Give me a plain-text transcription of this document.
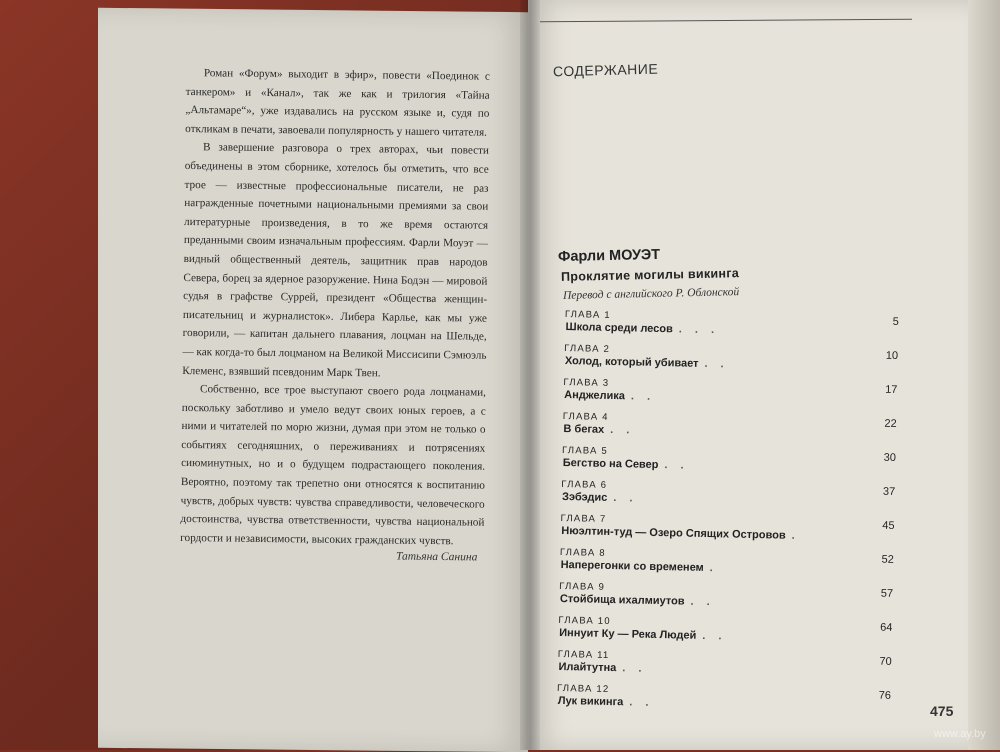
Роман «Форум» выходит в эфир», повести «Поединок с танкером» и «Канал», так же как и трилогия «Тайна „Альтамаре“», уже издавались на русском языке и, судя по откликам в печати, завоевали популярность у нашего читателя.

В завершение разговора о трех авторах, чьи повести объединены в этом сборнике, хотелось бы отметить, что все трое — известные профессиональные писатели, не раз награжденные почетными национальными премиями за свои литературные произведения, в то же время остаются преданными своим изначальным профессиям. Фарли Моуэт — видный общественный деятель, защитник прав народов Севера, борец за ядерное разоружение. Нина Бодэн — мировой судья в графстве Суррей, президент «Общества женщин-писательниц и журналисток». Либера Карльe, как мы уже говорили, — капитан дальнего плавания, лоцман на Шельде, — как когда-то был лоцманом на Великой Миссисипи Сэмюэль Клеменс, взявший псевдоним Марк Твен.

Собственно, все трое выступают своего рода лоцманами, поскольку заботливо и умело ведут своих юных героев, а с ними и читателей по морю жизни, думая при этом не только о событиях сегодняшних, о переживаниях и потрясениях сиюминутных, но и о будущем подрастающего поколения. Вероятно, поэтому так трепетно они относятся к воспитанию чувств, добрых чувств: чувства справедливости, человеческого достоинства, чувства ответственности, чувства национальной гордости и независимости, высоких гражданских чувств.

Татьяна Санина
СОДЕРЖАНИЕ
Фарли МОУЭТ
Проклятие могилы викинга
Перевод с английского Р. Облонской
ГЛАВА 1
Школа среди лесов . . .
5
ГЛАВА 2
Холод, который убивает . .
10
ГЛАВА 3
Анджелика . .
17
ГЛАВА 4
В бегах . .
22
ГЛАВА 5
Бегство на Север . .
30
ГЛАВА 6
Зэбэдис . .
37
ГЛАВА 7
Нюэлтин-туд — Озеро Спящих Островов .
45
ГЛАВА 8
Наперегонки со временем .
52
ГЛАВА 9
Стойбища ихалмиутов . .
57
ГЛАВА 10
Иннуит Ку — Река Людей . .
64
ГЛАВА 11
Илайтутна . .
70
ГЛАВА 12
Лук викинга . .
76
475
www.ay.by
